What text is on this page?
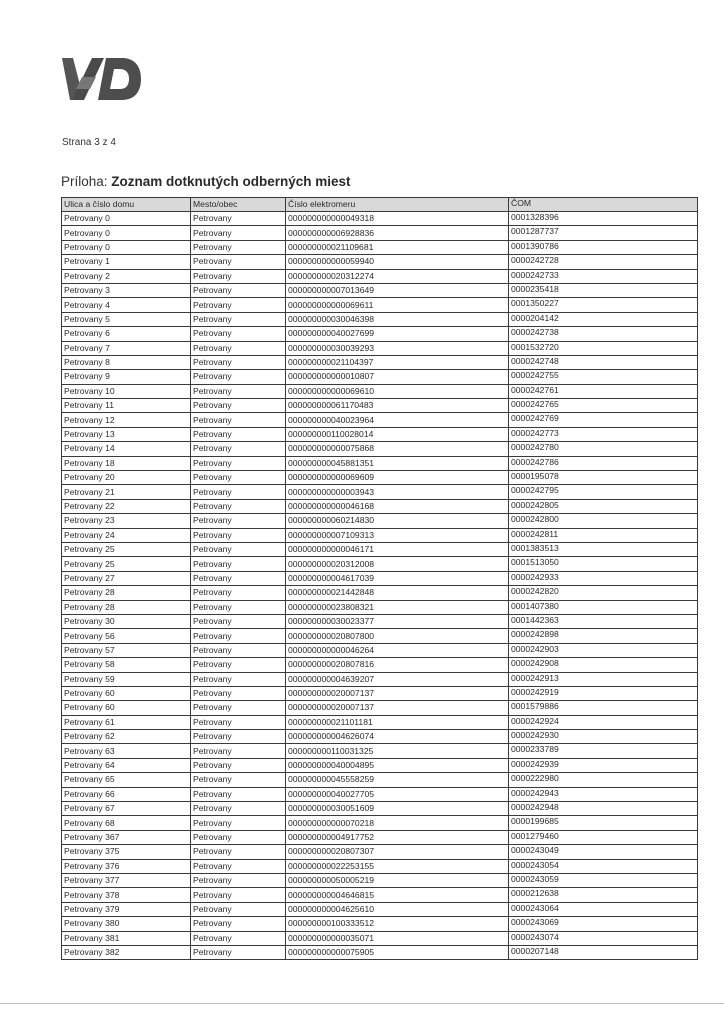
Strana 3 z 4
Príloha: Zoznam dotknutých odberných miest
Ulica a číslo domu	Mesto/obec	Číslo elektromeru	ČOM
Petrovany 0	Petrovany	000000000000049318	0001328396
Petrovany 0	Petrovany	000000000006928836	0001287737
Petrovany 0	Petrovany	000000000021109681	0001390786
Petrovany 1	Petrovany	000000000000059940	0000242728
Petrovany 2	Petrovany	000000000020312274	0000242733
Petrovany 3	Petrovany	000000000007013649	0000235418
Petrovany 4	Petrovany	000000000000069611	0001350227
Petrovany 5	Petrovany	000000000030046398	0000204142
Petrovany 6	Petrovany	000000000040027699	0000242738
Petrovany 7	Petrovany	000000000030039293	0001532720
Petrovany 8	Petrovany	000000000021104397	0000242748
Petrovany 9	Petrovany	000000000000010807	0000242755
Petrovany 10	Petrovany	000000000000069610	0000242761
Petrovany 11	Petrovany	000000000061170483	0000242765
Petrovany 12	Petrovany	000000000040023964	0000242769
Petrovany 13	Petrovany	000000000110028014	0000242773
Petrovany 14	Petrovany	000000000000075868	0000242780
Petrovany 18	Petrovany	000000000045881351	0000242786
Petrovany 20	Petrovany	000000000000069609	0000195078
Petrovany 21	Petrovany	000000000000003943	0000242795
Petrovany 22	Petrovany	000000000000046168	0000242805
Petrovany 23	Petrovany	000000000060214830	0000242800
Petrovany 24	Petrovany	000000000007109313	0000242811
Petrovany 25	Petrovany	000000000000046171	0001383513
Petrovany 25	Petrovany	000000000020312008	0001513050
Petrovany 27	Petrovany	000000000004617039	0000242933
Petrovany 28	Petrovany	000000000021442848	0000242820
Petrovany 28	Petrovany	000000000023808321	0001407380
Petrovany 30	Petrovany	000000000030023377	0001442363
Petrovany 56	Petrovany	000000000020807800	0000242898
Petrovany 57	Petrovany	000000000000046264	0000242903
Petrovany 58	Petrovany	000000000020807816	0000242908
Petrovany 59	Petrovany	000000000004639207	0000242913
Petrovany 60	Petrovany	000000000020007137	0000242919
Petrovany 60	Petrovany	000000000020007137	0001579886
Petrovany 61	Petrovany	000000000021101181	0000242924
Petrovany 62	Petrovany	000000000004626074	0000242930
Petrovany 63	Petrovany	000000000110031325	0000233789
Petrovany 64	Petrovany	000000000040004895	0000242939
Petrovany 65	Petrovany	000000000045558259	0000222980
Petrovany 66	Petrovany	000000000040027705	0000242943
Petrovany 67	Petrovany	000000000030051609	0000242948
Petrovany 68	Petrovany	000000000000070218	0000199685
Petrovany 367	Petrovany	000000000004917752	0001279460
Petrovany 375	Petrovany	000000000020807307	0000243049
Petrovany 376	Petrovany	000000000022253155	0000243054
Petrovany 377	Petrovany	000000000050005219	0000243059
Petrovany 378	Petrovany	000000000004646815	0000212638
Petrovany 379	Petrovany	000000000004625610	0000243064
Petrovany 380	Petrovany	000000000100333512	0000243069
Petrovany 381	Petrovany	000000000000035071	0000243074
Petrovany 382	Petrovany	000000000000075905	0000207148
